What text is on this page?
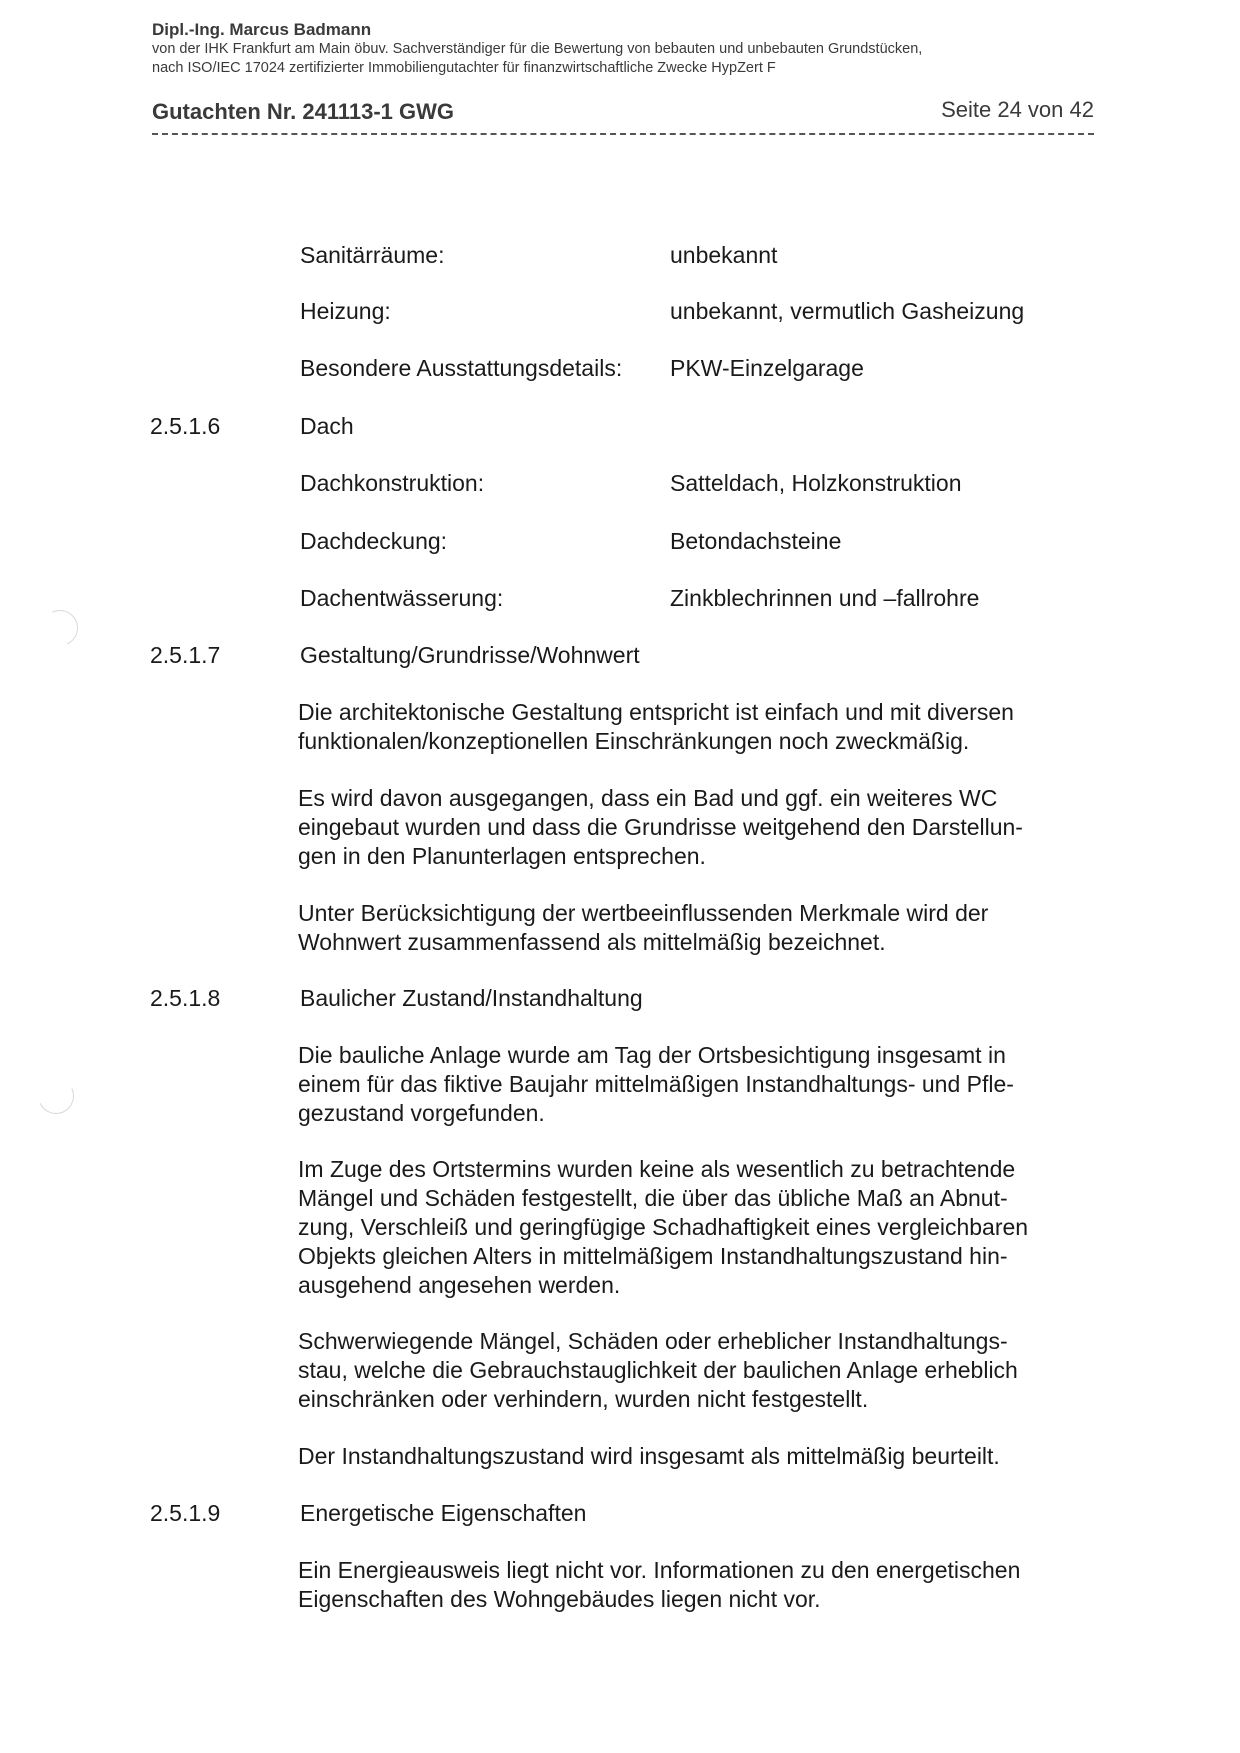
Dipl.-Ing. Marcus Badmann
von der IHK Frankfurt am Main öbuv. Sachverständiger für die Bewertung von bebauten und unbebauten Grundstücken,
nach ISO/IEC 17024 zertifizierter Immobiliengutachter für finanzwirtschaftliche Zwecke HypZert F
Gutachten Nr. 241113-1 GWG	Seite 24 von 42
Sanitärräume:	unbekannt
Heizung:	unbekannt, vermutlich Gasheizung
Besondere Ausstattungsdetails: PKW-Einzelgarage
2.5.1.6	Dach
Dachkonstruktion:	Satteldach, Holzkonstruktion
Dachdeckung:	Betondachsteine
Dachentwässerung:	Zinkblechrinnen und –fallrohre
2.5.1.7	Gestaltung/Grundrisse/Wohnwert
Die architektonische Gestaltung entspricht ist einfach und mit diversen
funktionalen/konzeptionellen Einschränkungen noch zweckmäßig.
Es wird davon ausgegangen, dass ein Bad und ggf. ein weiteres WC
eingebaut wurden und dass die Grundrisse weitgehend den Darstellun-
gen in den Planunterlagen entsprechen.
Unter Berücksichtigung der wertbeeinflussenden Merkmale wird der
Wohnwert zusammenfassend als mittelmäßig bezeichnet.
2.5.1.8	Baulicher Zustand/Instandhaltung
Die bauliche Anlage wurde am Tag der Ortsbesichtigung insgesamt in
einem für das fiktive Baujahr mittelmäßigen Instandhaltungs- und Pfle-
gezustand vorgefunden.
Im Zuge des Ortstermins wurden keine als wesentlich zu betrachtende
Mängel und Schäden festgestellt, die über das übliche Maß an Abnut-
zung, Verschleiß und geringfügige Schadhaftigkeit eines vergleichbaren
Objekts gleichen Alters in mittelmäßigem Instandhaltungszustand hin-
ausgehend angesehen werden.
Schwerwiegende Mängel, Schäden oder erheblicher Instandhaltungs-
stau, welche die Gebrauchstauglichkeit der baulichen Anlage erheblich
einschränken oder verhindern, wurden nicht festgestellt.
Der Instandhaltungszustand wird insgesamt als mittelmäßig beurteilt.
2.5.1.9	Energetische Eigenschaften
Ein Energieausweis liegt nicht vor. Informationen zu den energetischen
Eigenschaften des Wohngebäudes liegen nicht vor.
